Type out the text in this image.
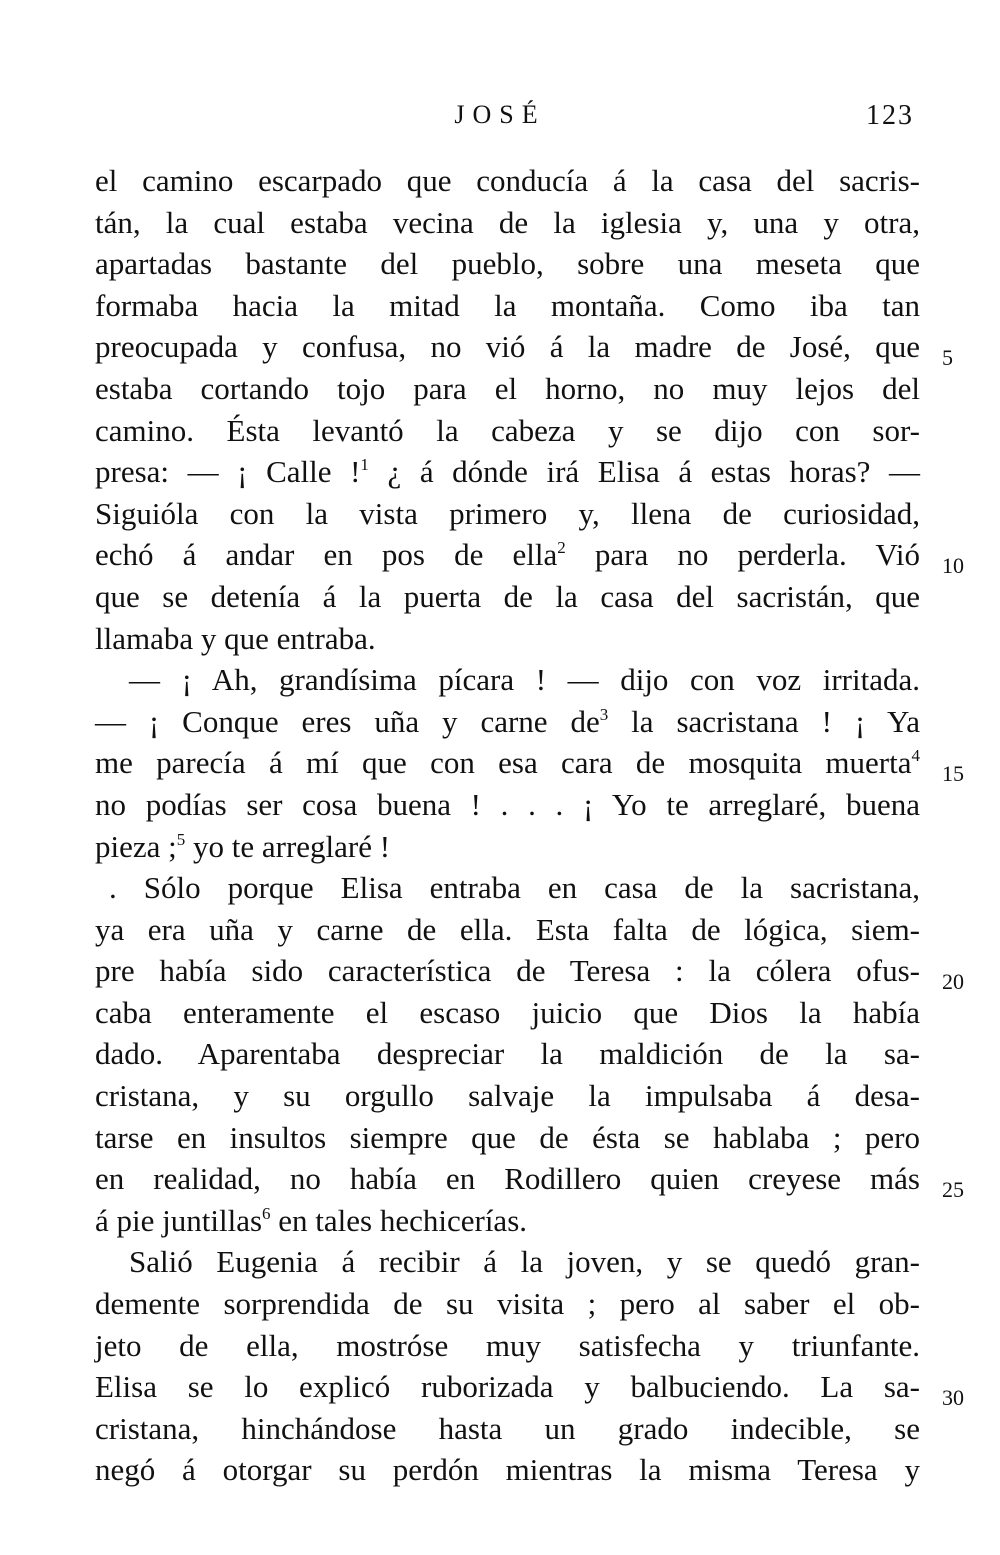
JOSÉ	123
el camino escarpado que conducía á la casa del sacris-
tán, la cual estaba vecina de la iglesia y, una y otra,
apartadas bastante del pueblo, sobre una meseta que
formaba hacia la mitad la montaña. Como iba tan
preocupada y confusa, no vió á la madre de José, que
estaba cortando tojo para el horno, no muy lejos del
camino. Ésta levantó la cabeza y se dijo con sor-
presa: — ¡ Calle !$^1$ ¿ á dónde irá Elisa á estas horas? —
Siguióla con la vista primero y, llena de curiosidad,
echó á andar en pos de ella$^2$ para no perderla. Vió
que se detenía á la puerta de la casa del sacristán, que
llamaba y que entraba.
— ¡ Ah, grandísima pícara ! — dijo con voz irritada.
— ¡ Conque eres uña y carne $de^3$ la sacristana ! ¡ Ya
me parecía á mí que con esa cara de mosquita muerta$^4$
no podías ser cosa buena ! . . . ¡ Yo te arreglaré, buena
pieza ;$^5$ yo te arreglaré !
. Sólo porque Elisa entraba en casa de la sacristana,
ya era uña y carne de ella. Esta falta de lógica, siem-
pre había sido característica de Teresa : la cólera ofus-
caba enteramente el escaso juicio que Dios la había
dado. Aparentaba despreciar la maldición de la sa-
cristana, y su orgullo salvaje la impulsaba á desa-
tarse en insultos siempre que de ésta se hablaba ; pero
en realidad, no había en Rodillero quien creyese más
á pie juntillas$^6$ en tales hechicerías.
Salió Eugenia á recibir á la joven, y se quedó gran-
demente sorprendida de su visita ; pero al saber el ob-
jeto de ella, mostróse muy satisfecha y triunfante.
Elisa se lo explicó ruborizada y balbuciendo. La sa-
cristana, hinchándose hasta un grado indecible, se
negó á otorgar su perdón mientras la misma Teresa y
5
10
15
20
25
30
